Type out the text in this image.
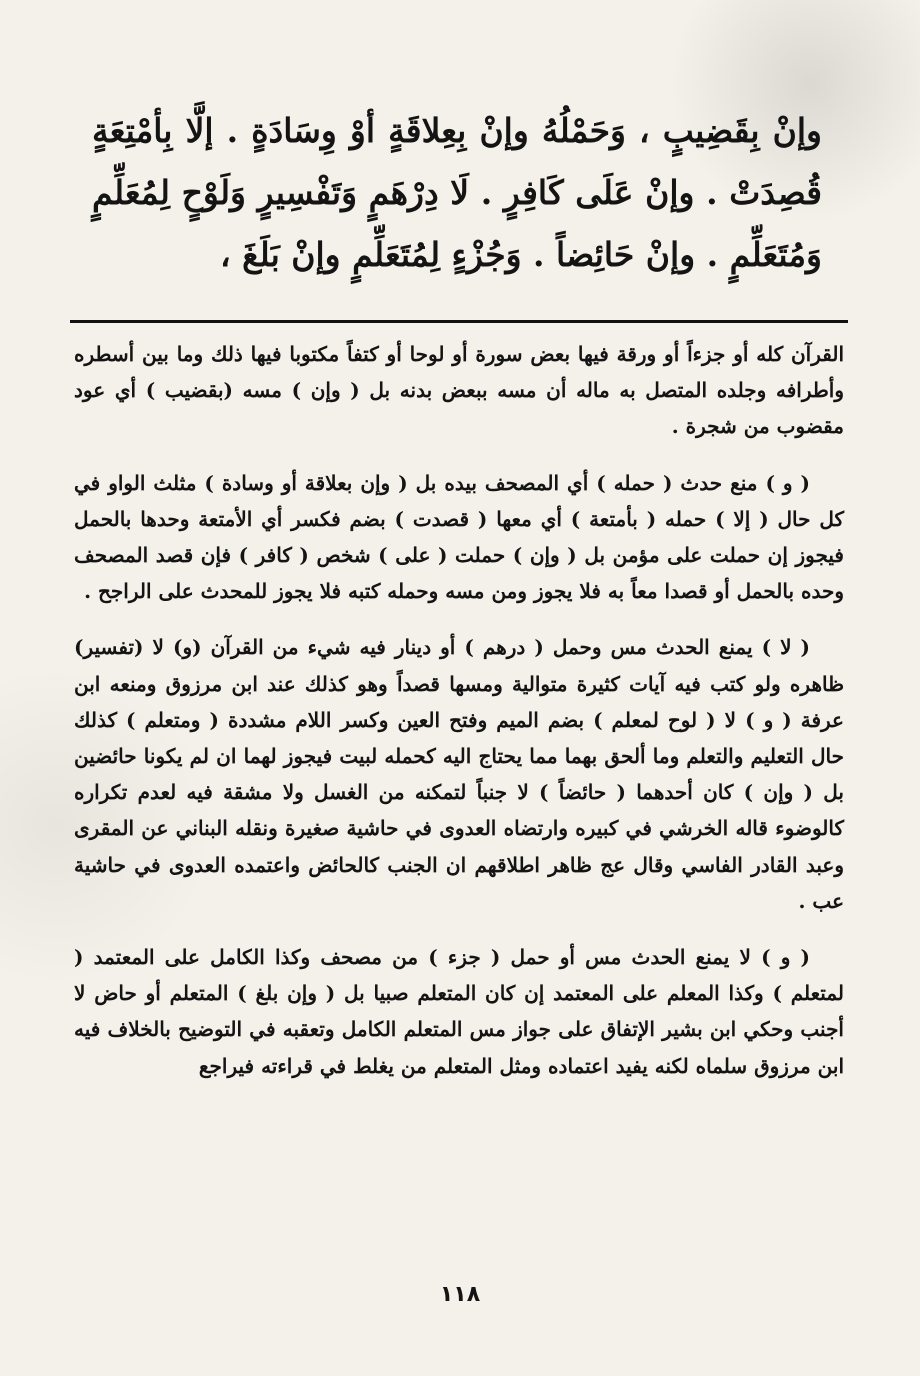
وإنْ بِقَضِيبٍ ، وَحَمْلُهُ وإنْ بِعِلاقَةٍ أوْ وِسَادَةٍ . إلَّا بِأمْتِعَةٍ قُصِدَتْ . وإنْ عَلَى كَافِرٍ . لَا دِرْهَمٍ وَتَفْسِيرٍ وَلَوْحٍ لِمُعَلِّمٍ وَمُتَعَلِّمٍ . وإنْ حَائِضاً . وَجُزْءٍ لِمُتَعَلِّمٍ وإنْ بَلَغَ ،

القرآن كله أو جزءاً أو ورقة فيها بعض سورة أو لوحا أو كتفاً مكتوبا فيها ذلك وما بين أسطره وأطرافه وجلده المتصل به ماله أن مسه ببعض بدنه بل ( وإن ) مسه (بقضيب ) أي عود مقضوب من شجرة .

( و ) منع حدث ( حمله ) أي المصحف بيده بل ( وإن بعلاقة أو وسادة ) مثلث الواو في كل حال ( إلا ) حمله ( بأمتعة ) أي معها ( قصدت ) بضم فكسر أي الأمتعة وحدها بالحمل فيجوز إن حملت على مؤمن بل ( وإن ) حملت ( على ) شخص ( كافر ) فإن قصد المصحف وحده بالحمل أو قصدا معاً به فلا يجوز ومن مسه وحمله كتبه فلا يجوز للمحدث على الراجح .

( لا ) يمنع الحدث مس وحمل ( درهم ) أو دينار فيه شيء من القرآن (و) لا (تفسير) ظاهره ولو كتب فيه آيات كثيرة متوالية ومسها قصداً وهو كذلك عند ابن مرزوق ومنعه ابن عرفة ( و ) لا ( لوح لمعلم ) بضم الميم وفتح العين وكسر اللام مشددة ( ومتعلم ) كذلك حال التعليم والتعلم وما ألحق بهما مما يحتاج اليه كحمله لبيت فيجوز لهما ان لم يكونا حائضين بل ( وإن ) كان أحدهما ( حائضاً ) لا جنباً لتمكنه من الغسل ولا مشقة فيه لعدم تكراره كالوضوء قاله الخرشي في كبيره وارتضاه العدوى في حاشية صغيرة ونقله البناني عن المقرى وعبد القادر الفاسي وقال عج ظاهر اطلاقهم ان الجنب كالحائض واعتمده العدوى في حاشية عب .

( و ) لا يمنع الحدث مس أو حمل ( جزء ) من مصحف وكذا الكامل على المعتمد ( لمتعلم ) وكذا المعلم على المعتمد إن كان المتعلم صبيا بل ( وإن بلغ ) المتعلم أو حاض لا أجنب وحكي ابن بشير الإتفاق على جواز مس المتعلم الكامل وتعقبه في التوضيح بالخلاف فيه ابن مرزوق سلماه لكنه يفيد اعتماده ومثل المتعلم من يغلط في قراءته فيراجع

١١٨
